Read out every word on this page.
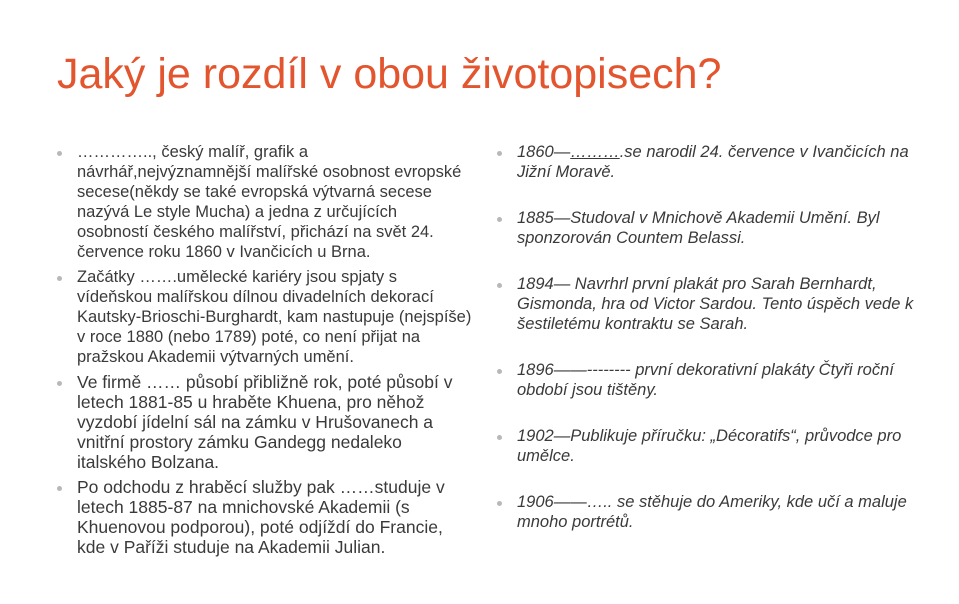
Jaký je rozdíl v obou životopisech?
………….., český malíř, grafik a návrhář,nejvýznamnější malířské osobnost evropské secese(někdy se také evropská výtvarná secese nazývá Le style Mucha) a jedna z určujících osobností českého malířství, přichází na svět 24. července roku 1860 v Ivančicích u Brna.
Začátky …….umělecké kariéry jsou spjaty s vídeňskou malířskou dílnou divadelních dekorací Kautsky-Brioschi-Burghardt, kam nastupuje (nejspíše) v roce 1880 (nebo 1789) poté, co není přijat na pražskou Akademii výtvarných umění.
Ve firmě …… působí přibližně rok, poté působí v letech 1881-85 u hraběte Khuena, pro něhož vyzdobí jídelní sál na zámku v Hrušovanech a vnitřní prostory zámku Gandegg nedaleko italského Bolzana.
Po odchodu z hraběcí služby pak ……studuje v letech 1885-87 na mnichovské Akademii (s Khuenovou podporou), poté odjíždí do Francie, kde v Paříži studuje na Akademii Julian.
1860—……….se narodil 24. července v Ivančicích na Jižní Moravě.
1885—Studoval v Mnichově Akademii Umění. Byl sponzorován Countem Belassi.
1894— Navrhrl první plakát pro Sarah Bernhardt, Gismonda, hra od Victor Sardou. Tento úspěch vede k šestiletému kontraktu se Sarah.
1896——-------- první dekorativní plakáty Čtyři roční období jsou tištěny.
1902—Publikuje příručku: „Décoratifs“, průvodce pro umělce.
1906——….. se stěhuje do Ameriky, kde učí a maluje mnoho portrétů.
